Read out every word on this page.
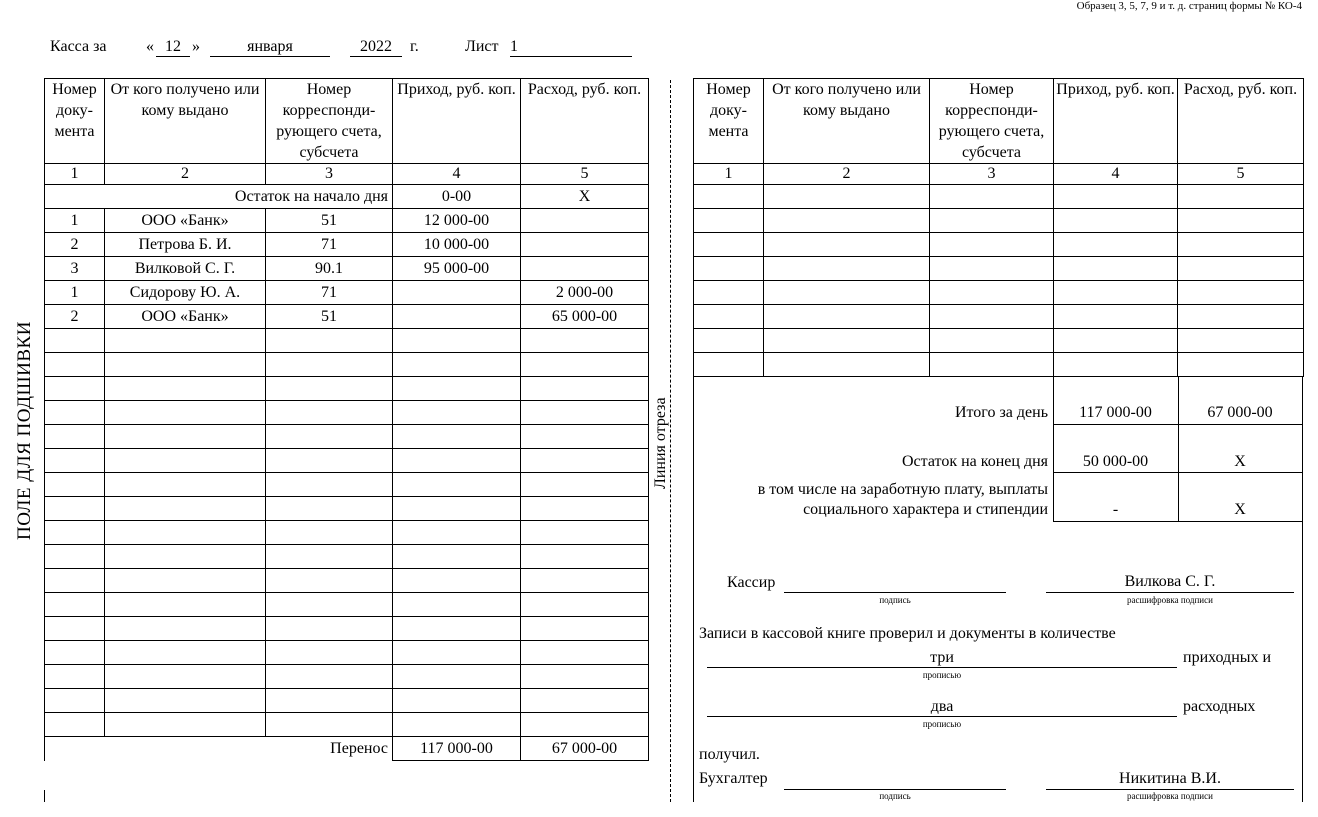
Образец 3, 5, 7, 9 и т. д. страниц формы № КО-4
Касса за « 12 »	января	2022	г.	Лист 1
ПОЛЕ ДЛЯ ПОДШИВКИ	Линия отреза
Номер доку-мента	От кого получено или кому выдано	Номер корреспонди-рующего счета, субсчета	Приход, руб. коп.	Расход, руб. коп.
1	2	3	4	5
Остаток на начало дня			0-00	Х
1	ООО «Банк»	51	12 000-00	
2	Петрова Б. И.	71	10 000-00	
3	Вилковой С. Г.	90.1	95 000-00	
1	Сидорову Ю. А.	71		2 000-00
2	ООО «Банк»	51		65 000-00

Перенос			117 000-00	67 000-00
Номер доку-мента	От кого получено или кому выдано	Номер корреспонди-рующего счета, субсчета	Приход, руб. коп.	Расход, руб. коп.
1	2	3	4	5

Итого за день	117 000-00	67 000-00
Остаток на конец дня	50 000-00	Х
в том числе на заработную плату, выплаты
социального характера и стипендии	-	Х
Кассир
подпись
Вилкова С. Г.
расшифровка подписи
Записи в кассовой книге проверил и документы в количестве
три
прописью
приходных и
два
прописью
расходных
получил.
Бухгалтер
подпись
Никитина В.И.
расшифровка подписи
